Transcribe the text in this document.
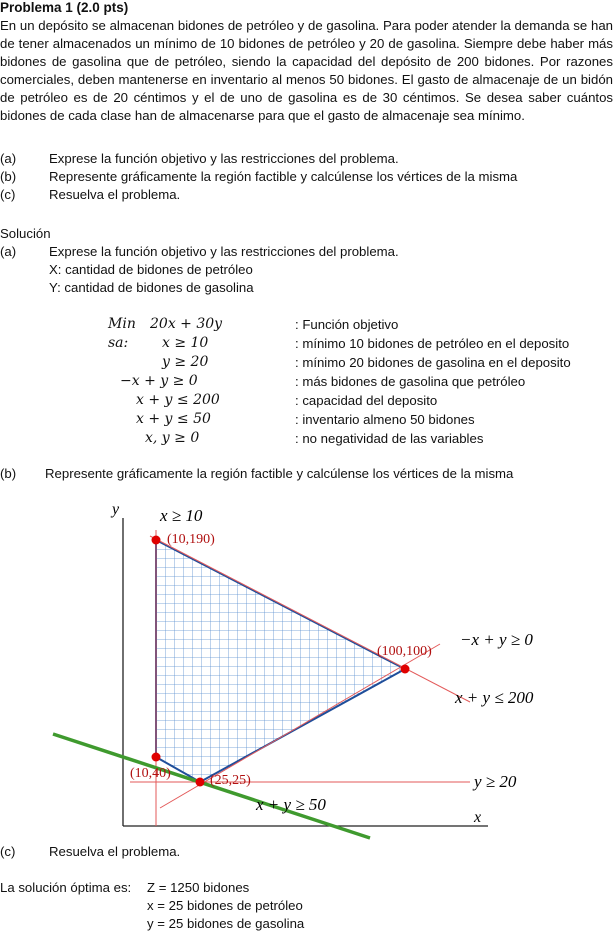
Problema 1 (2.0 pts)
En un depósito se almacenan bidones de petróleo y de gasolina. Para poder atender la demanda se han de tener almacenados un mínimo de 10 bidones de petróleo y 20 de gasolina. Siempre debe haber más bidones de gasolina que de petróleo, siendo la capacidad del depósito de 200 bidones. Por razones comerciales, deben mantenerse en inventario al menos 50 bidones. El gasto de almacenaje de un bidón de petróleo es de 20 céntimos y el de uno de gasolina es de 30 céntimos. Se desea saber cuántos bidones de cada clase han de almacenarse para que el gasto de almacenaje sea mínimo.
(a) Exprese la función objetivo y las restricciones del problema.
(b) Represente gráficamente la región factible y calcúlense los vértices de la misma
(c)	Resuelva el problema.
Solución
(a) Exprese la función objetivo y las restricciones del problema.
X: cantidad de bidones de petróleo
Y: cantidad de bidones de gasolina
Min 20x + 30y	: Función objetivo
sa: x ≥ 10	: mínimo 10 bidones de petróleo en el deposito
y ≥ 20	: mínimo 20 bidones de gasolina en el deposito
−x + y ≥ 0	: más bidones de gasolina que petróleo
x + y ≤ 200	: capacidad del deposito
x + y ≤ 50	: inventario almeno 50 bidones
x, y ≥ 0	: no negatividad de las variables
(b) Represente gráficamente la región factible y calcúlense los vértices de la misma
y
x
x ≥ 10
−x + y ≥ 0
x + y ≤ 200
y ≥ 20
x + y ≥ 50
(10,190)
(100,100)
(10,40)	(25,25)
(c)	Resuelva el problema.
La solución óptima es: Z = 1250 bidones
x = 25 bidones de petróleo
y = 25 bidones de gasolina
